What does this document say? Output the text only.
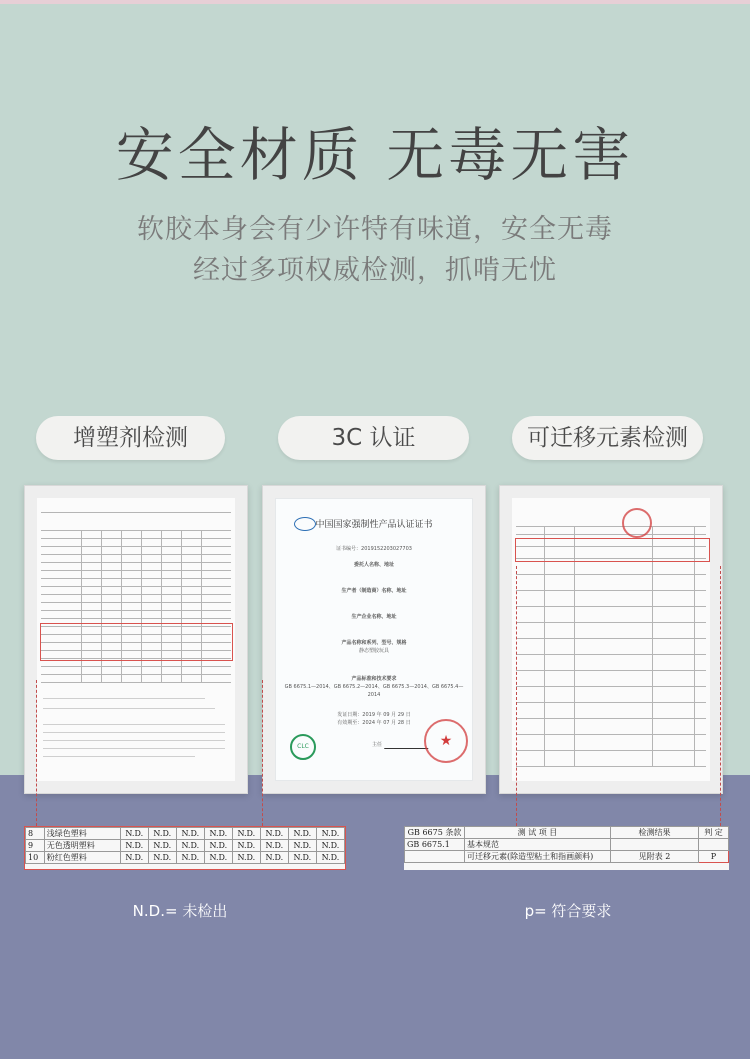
安全材质 无毒无害
软胶本身会有少许特有味道，安全无毒
经过多项权威检测，抓啃无忧
增塑剂检测	3C 认证	可迁移元素检测
中国国家强制性产品认证证书
证书编号：2019152203027703
委托人名称、地址
生产者（制造商）名称、地址
生产企业名称、地址
产品名称和系列、型号、规格
静态塑胶玩具
产品标准和技术要求
GB 6675.1—2014、GB 6675.2—2014、GB 6675.3—2014、GB 6675.4—2014
发证日期：2019 年 09 月 29 日
有效期至：2024 年 07 月 28 日
CLC	主任	★
8	浅绿色塑料	N.D.	N.D.	N.D.	N.D.	N.D.	N.D.	N.D.	N.D.
9	无色透明塑料	N.D.	N.D.	N.D.	N.D.	N.D.	N.D.	N.D.	N.D.
10	粉红色塑料	N.D.	N.D.	N.D.	N.D.	N.D.	N.D.	N.D.	N.D.
GB 6675 条款	测 试 项 目	检测结果	判 定
GB 6675.1	基本规范		
	可迁移元素(除造型粘土和指画颜料)	见附表 2	P
N.D.= 未检出	p= 符合要求
